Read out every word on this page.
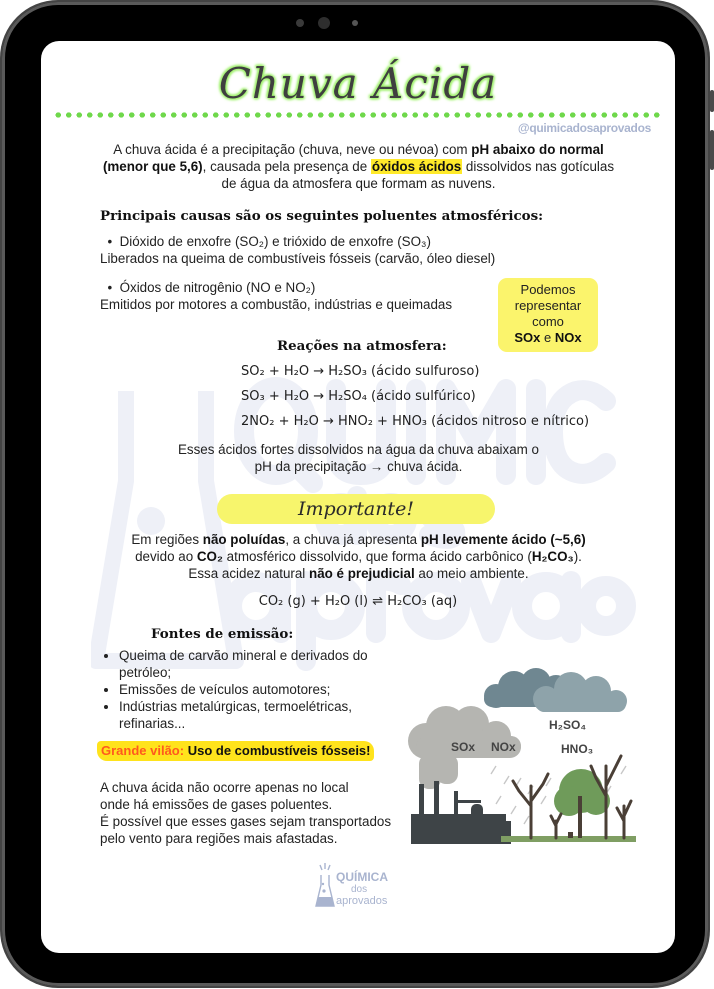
Chuva Ácida
@quimicadosaprovados
A chuva ácida é a precipitação (chuva, neve ou névoa) com pH abaixo do normal (menor que 5,6), causada pela presença de óxidos ácidos dissolvidos nas gotículas de água da atmosfera que formam as nuvens.
Principais causas são os seguintes poluentes atmosféricos:
•  Dióxido de enxofre (SO₂) e trióxido de enxofre (SO₃)
Liberados na queima de combustíveis fósseis (carvão, óleo diesel)
•  Óxidos de nitrogênio (NO e NO₂)
Emitidos por motores a combustão, indústrias e queimadas
Podemos
representar
como
SOx e NOx
Reações na atmosfera:
SO₂ + H₂O → H₂SO₃ (ácido sulfuroso)
SO₃ + H₂O → H₂SO₄ (ácido sulfúrico)
2NO₂ + H₂O → HNO₂ + HNO₃ (ácidos nitroso e nítrico)
Esses ácidos fortes dissolvidos na água da chuva abaixam o
pH da precipitação → chuva ácida.
Importante!
Em regiões não poluídas, a chuva já apresenta pH levemente ácido (~5,6)
devido ao CO₂ atmosférico dissolvido, que forma ácido carbônico (H₂CO₃).
Essa acidez natural não é prejudicial ao meio ambiente.
CO₂ (g) + H₂O (l) ⇌ H₂CO₃ (aq)
Fontes de emissão:
• Queima de carvão mineral e derivados do petróleo;
• Emissões de veículos automotores;
• Indústrias metalúrgicas, termoelétricas, refinarias...
Grande vilão: Uso de combustíveis fósseis!
A chuva ácida não ocorre apenas no local
onde há emissões de gases poluentes.
É possível que esses gases sejam transportados
pelo vento para regiões mais afastadas.
SOx NOx
H₂SO₄
HNO₃
QUÍMICA
dos
aprovados
